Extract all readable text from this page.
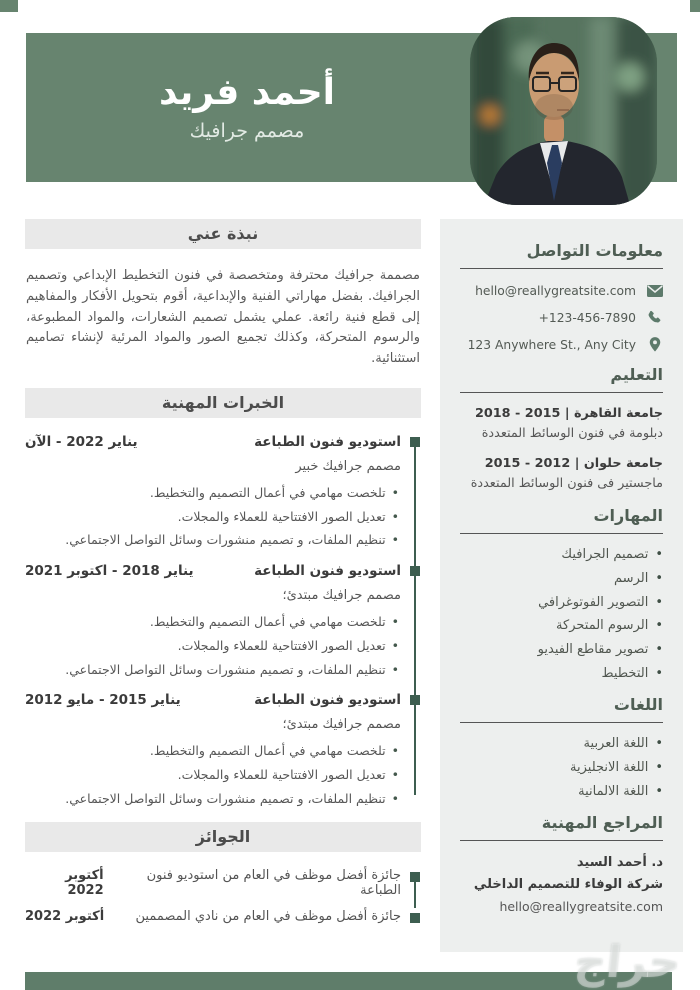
أحمد فريد
مصمم جرافيك
نبذة عني

مصممة جرافيك محترفة ومتخصصة في فنون التخطيط الإبداعي وتصميم الجرافيك. بفضل مهاراتي الفنية والإبداعية، أقوم بتحويل الأفكار والمفاهيم إلى قطع فنية رائعة. عملي يشمل تصميم الشعارات، والمواد المطبوعة، والرسوم المتحركة، وكذلك تجميع الصور والمواد المرئية لإنشاء تصاميم استثنائية.

الخبرات المهنية
استوديو فنون الطباعة
يناير 2022 - الآن
مصمم جرافيك خبير
• تلخصت مهامي في أعمال التصميم والتخطيط.
• تعديل الصور الافتتاحية للعملاء والمجلات.
• تنظيم الملفات، و تصميم منشورات وسائل التواصل الاجتماعي.
استوديو فنون الطباعة
يناير 2018 - اكتوبر 2021
مصمم جرافيك مبتدئ؛
• تلخصت مهامي في أعمال التصميم والتخطيط.
• تعديل الصور الافتتاحية للعملاء والمجلات.
• تنظيم الملفات، و تصميم منشورات وسائل التواصل الاجتماعي.
استوديو فنون الطباعة
يناير 2015 - مايو 2012
مصمم جرافيك مبتدئ؛
• تلخصت مهامي في أعمال التصميم والتخطيط.
• تعديل الصور الافتتاحية للعملاء والمجلات.
• تنظيم الملفات، و تصميم منشورات وسائل التواصل الاجتماعي.
الجوائز
جائزة أفضل موظف في العام من استوديو فنون الطباعة
أكتوبر 2022
جائزة أفضل موظف في العام من نادي المصممين
أكتوبر 2022
معلومات التواصل
hello@reallygreatsite.com
+123-456-7890
123 Anywhere St., Any City
التعليم
جامعة القاهرة | 2015 - 2018
دبلومة في فنون الوسائط المتعددة
جامعة حلوان | 2012 - 2015
ماجستير فى فنون الوسائط المتعددة
المهارات
• تصميم الجرافيك
• الرسم
• التصوير الفوتوغرافي
• الرسوم المتحركة
• تصوير مقاطع الفيديو
• التخطيط
اللغات
• اللغة العربية
• اللغة الانجليزية
• اللغة الالمانية
المراجع المهنية
د. أحمد السيد
شركة الوفاء للتصميم الداخلي
hello@reallygreatsite.com
حراج
